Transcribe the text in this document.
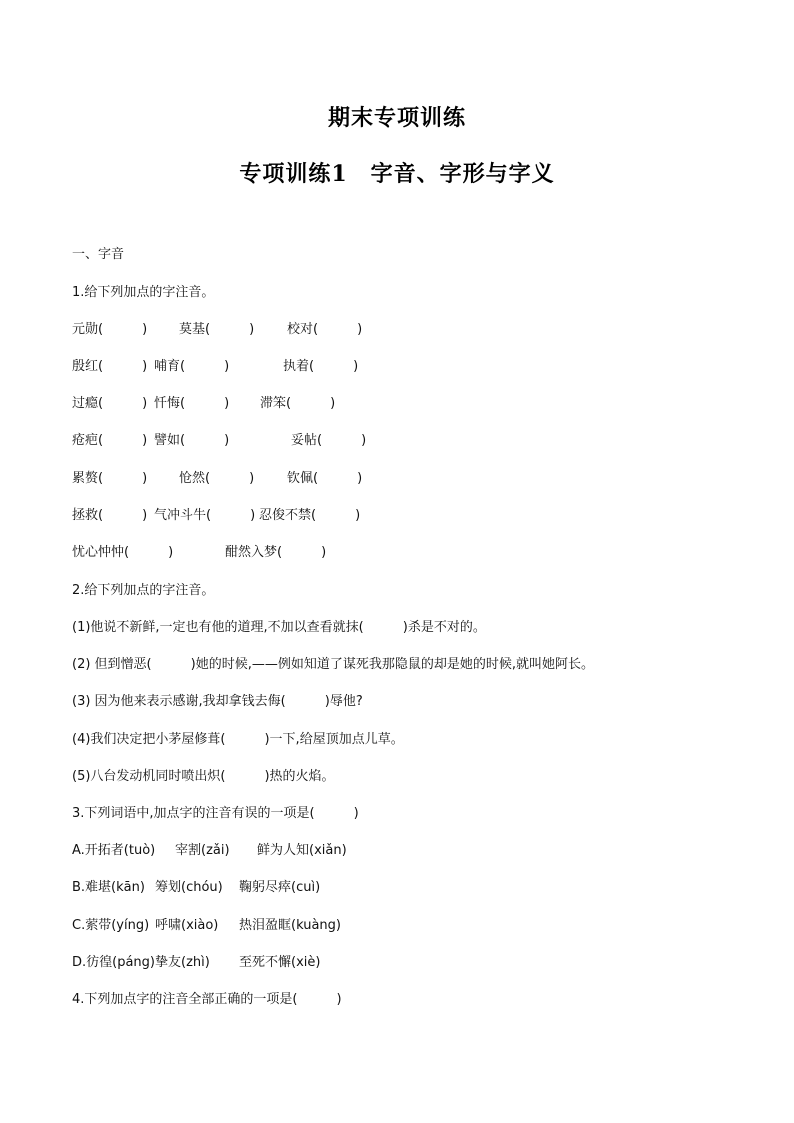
期末专项训练
专项训练1　字音、字形与字义
一、字音
1.给下列加点的字注音。
元勋(　　　) 莫基(　　　)	校对(　　　)
殷红(　　　) 哺育(　　　)	执着(　　　)
过瘾(　　　) 忏悔(　　　) 滞笨(　　　)
疮疤(　　　) 譬如(　　　)	妥帖(　　　)
累赘(　　　) 怆然(　　　)	钦佩(　　　)
拯救(　　　) 气冲斗牛(　　　) 忍俊不禁(　　　)
忧心忡忡(　　　)	酣然入梦(　　　)
2.给下列加点的字注音。
(1)他说不新鲜,一定也有他的道理,不加以查看就抹(　　　)杀是不对的。
(2) 但到憎恶(　　　)她的时候,——例如知道了谋死我那隐鼠的却是她的时候,就叫她阿长。
(3) 因为他来表示感谢,我却拿钱去侮(　　　)辱他?
(4)我们决定把小茅屋修葺(　　　)一下,给屋顶加点儿草。
(5)八台发动机同时喷出炽(　　　)热的火焰。
3.下列词语中,加点字的注音有误的一项是(　　　)
A.开拓者(tuò) 宰割(zǎi) 鲜为人知(xiǎn)
B.难堪(kān) 筹划(chóu) 鞠躬尽瘁(cuì)
C.萦带(yíng) 呼啸(xiào) 热泪盈眶(kuàng)
D.彷徨(páng) 挚友(zhì) 至死不懈(xiè)
4.下列加点字的注音全部正确的一项是(　　　)
